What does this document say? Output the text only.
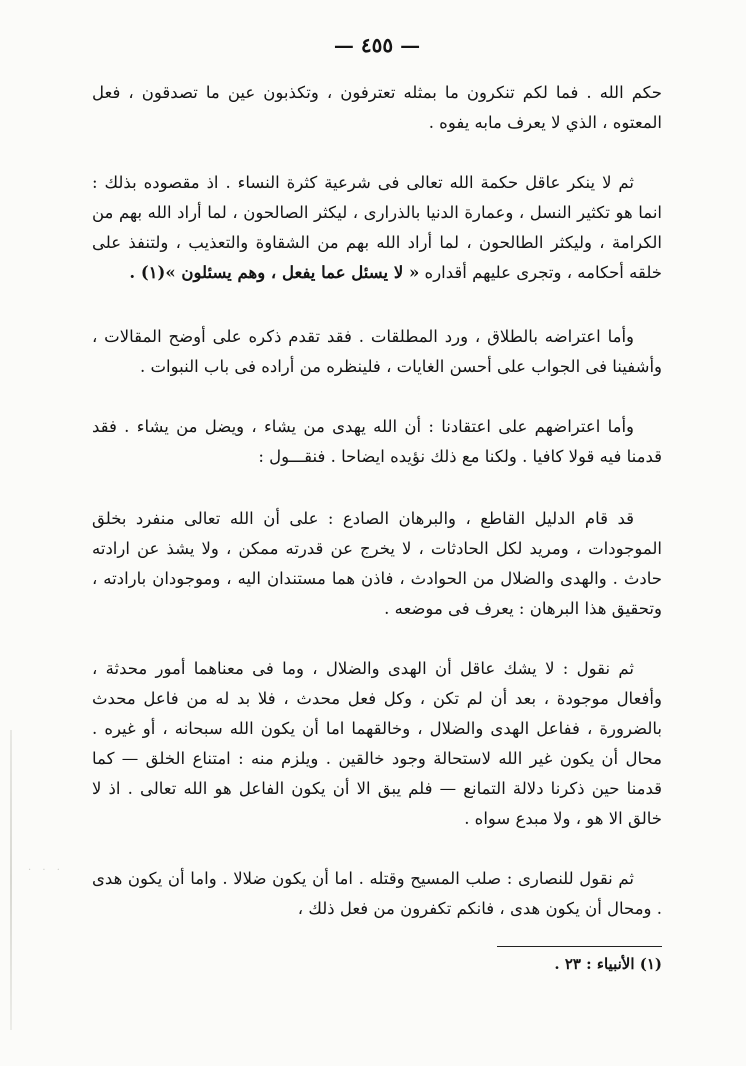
· · ·
— ٤٥٥ —

حكم الله . فما لكم تنكرون ما بمثله تعترفون ، وتكذبون عين ما تصدقون ، فعل المعتوه ، الذي لا يعرف مابه يفوه .

ثم لا ينكر عاقل حكمة الله تعالى فى شرعية كثرة النساء . اذ مقصوده بذلك : انما هو تكثير النسل ، وعمارة الدنيا بالذرارى ، ليكثر الصالحون ، لما أراد الله بهم من الكرامة ، وليكثر الطالحون ، لما أراد الله بهم من الشقاوة والتعذيب ، ولتنفذ على خلقه أحكامه ، وتجرى عليهم أقداره « لا يسئل عما يفعل ، وهم يسئلون »(١) .

وأما اعتراضه بالطلاق ، ورد المطلقات . فقد تقدم ذكره على أوضح المقالات ، وأشفينا فى الجواب على أحسن الغايات ، فلينظره من أراده فى باب النبوات .

وأما اعتراضهم على اعتقادنا : أن الله يهدى من يشاء ، ويضل من يشاء . فقد قدمنا فيه قولا كافيا . ولكنا مع ذلك نؤيده ايضاحا . فنقـــول :

قد قام الدليل القاطع ، والبرهان الصادع : على أن الله تعالى منفرد بخلق الموجودات ، ومريد لكل الحادثات ، لا يخرج عن قدرته ممكن ، ولا يشذ عن ارادته حادث . والهدى والضلال من الحوادث ، فاذن هما مستندان اليه ، وموجودان بارادته ، وتحقيق هذا البرهان : يعرف فى موضعه .

ثم نقول : لا يشك عاقل أن الهدى والضلال ، وما فى معناهما أمور محدثة ، وأفعال موجودة ، بعد أن لم تكن ، وكل فعل محدث ، فلا بد له من فاعل محدث بالضرورة ، ففاعل الهدى والضلال ، وخالقهما اما أن يكون الله سبحانه ، أو غيره . محال أن يكون غير الله لاستحالة وجود خالقين . ويلزم منه : امتناع الخلق — كما قدمنا حين ذكرنا دلالة التمانع — فلم يبق الا أن يكون الفاعل هو الله تعالى . اذ لا خالق الا هو ، ولا مبدع سواه .

ثم نقول للنصارى : صلب المسيح وقتله . اما أن يكون ضلالا . واما أن يكون هدى . ومحال أن يكون هدى ، فانكم تكفرون من فعل ذلك ،

(١) الأنبياء : ٢٣ .
